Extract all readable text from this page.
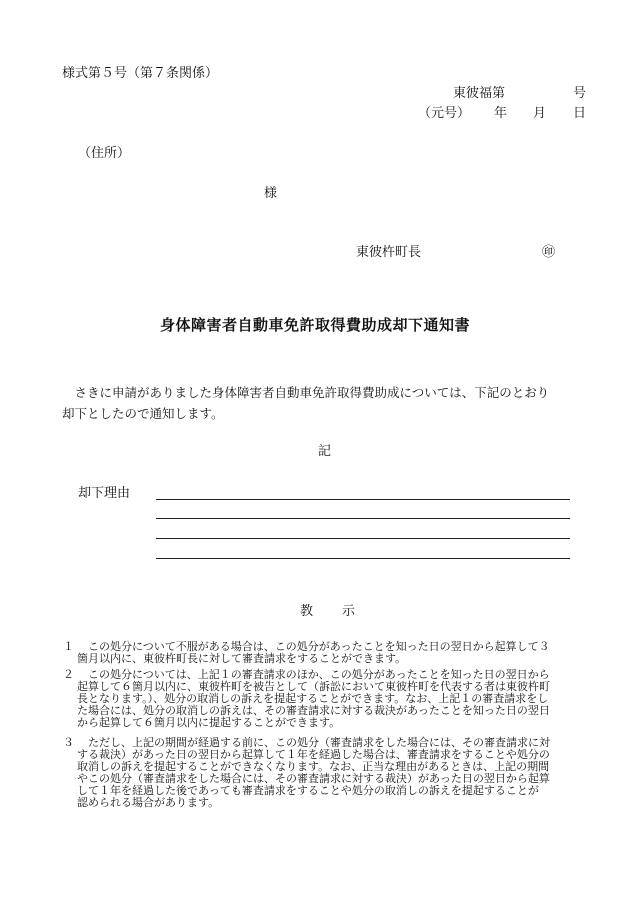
様式第５号（第７条関係）
東彼福第	号
（元号） 年 月 日
（住所）
様
東彼杵町長	㊞
身体障害者自動車免許取得費助成却下通知書
　さきに申請がありました身体障害者自動車免許取得費助成については、下記のとおり
却下としたので通知します。
記
却下理由
教　　示
１	　この処分について不服がある場合は、この処分があったことを知った日の翌日から起算して３
箇月以内に、東彼杵町長に対して審査請求をすることができます。
２	　この処分については、上記１の審査請求のほか、この処分があったことを知った日の翌日から
起算して６箇月以内に、東彼杵町を被告として（訴訟において東彼杵町を代表する者は東彼杵町
長となります。）、処分の取消しの訴えを提起することができます。なお、上記１の審査請求をし
た場合には、処分の取消しの訴えは、その審査請求に対する裁決があったことを知った日の翌日
から起算して６箇月以内に提起することができます。
３	　ただし、上記の期間が経過する前に、この処分（審査請求をした場合には、その審査請求に対
する裁決）があった日の翌日から起算して１年を経過した場合は、審査請求をすることや処分の
取消しの訴えを提起することができなくなります。なお、正当な理由があるときは、上記の期間
やこの処分（審査請求をした場合には、その審査請求に対する裁決）があった日の翌日から起算
して１年を経過した後であっても審査請求をすることや処分の取消しの訴えを提起することが
認められる場合があります。
